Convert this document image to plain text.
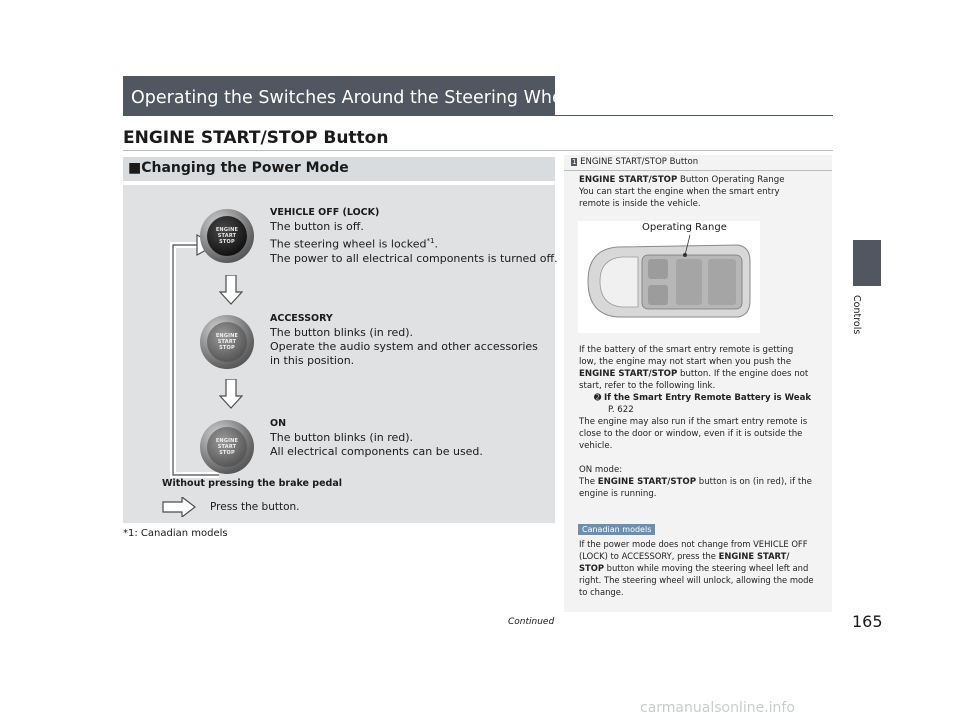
Operating the Switches Around the Steering Wheel
ENGINE START/STOP Button
■Changing the Power Mode
ENGINE
START
STOP
VEHICLE OFF (LOCK)
The button is off.
The steering wheel is locked$^{*1}$.
The power to all electrical components is turned off.
ENGINE
START
STOP
ACCESSORY
The button blinks (in red).
Operate the audio system and other accessories
in this position.
ENGINE
START
STOP
ON
The button blinks (in red).
All electrical components can be used.
Without pressing the brake pedal
Press the button.
*1: Canadian models
1 ENGINE START/STOP Button
ENGINE START/STOP Button Operating Range
You can start the engine when the smart entry
remote is inside the vehicle.
Operating Range
If the battery of the smart entry remote is getting
low, the engine may not start when you push the
ENGINE START/STOP button. If the engine does not
start, refer to the following link.
➋ If the Smart Entry Remote Battery is Weak
P. 622
The engine may also run if the smart entry remote is
close to the door or window, even if it is outside the
vehicle.
ON mode:
The ENGINE START/STOP button is on (in red), if the
engine is running.
Canadian models
If the power mode does not change from VEHICLE OFF
(LOCK) to ACCESSORY, press the ENGINE START/
STOP button while moving the steering wheel left and
right. The steering wheel will unlock, allowing the mode
to change.
Controls
Continued	165
carmanualsonline.info
